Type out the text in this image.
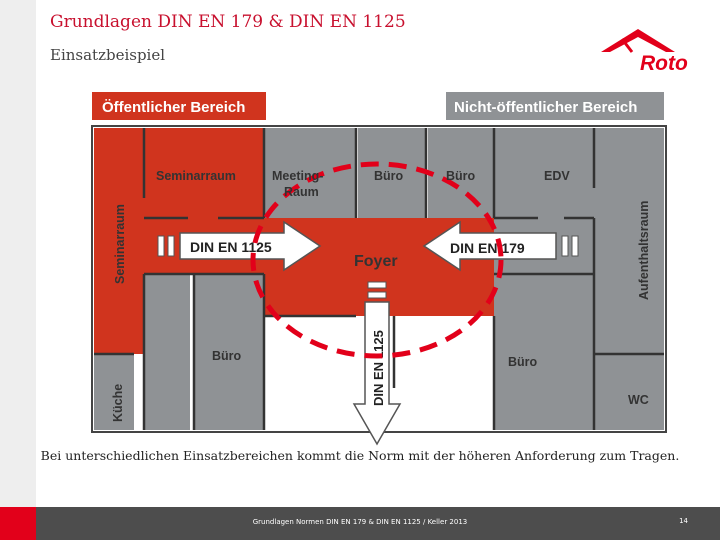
Grundlagen DIN EN 179 & DIN EN 1125
Einsatzbeispiel	Roto
Öffentlicher Bereich	Nicht-öffentlicher Bereich
DIN EN 1125	DIN EN 179
DIN EN 1125
Seminarraum
Seminarraum	Meeting-
Raum
Büro	Büro	EDV
Aufenthaltsraum
Foyer
Büro	Büro
Küche	WC
Bei unterschiedlichen Einsatzbereichen kommt die Norm mit der höheren Anforderung zum Tragen.
Grundlagen Normen DIN EN 179 & DIN EN 1125 / Keller 2013	14
